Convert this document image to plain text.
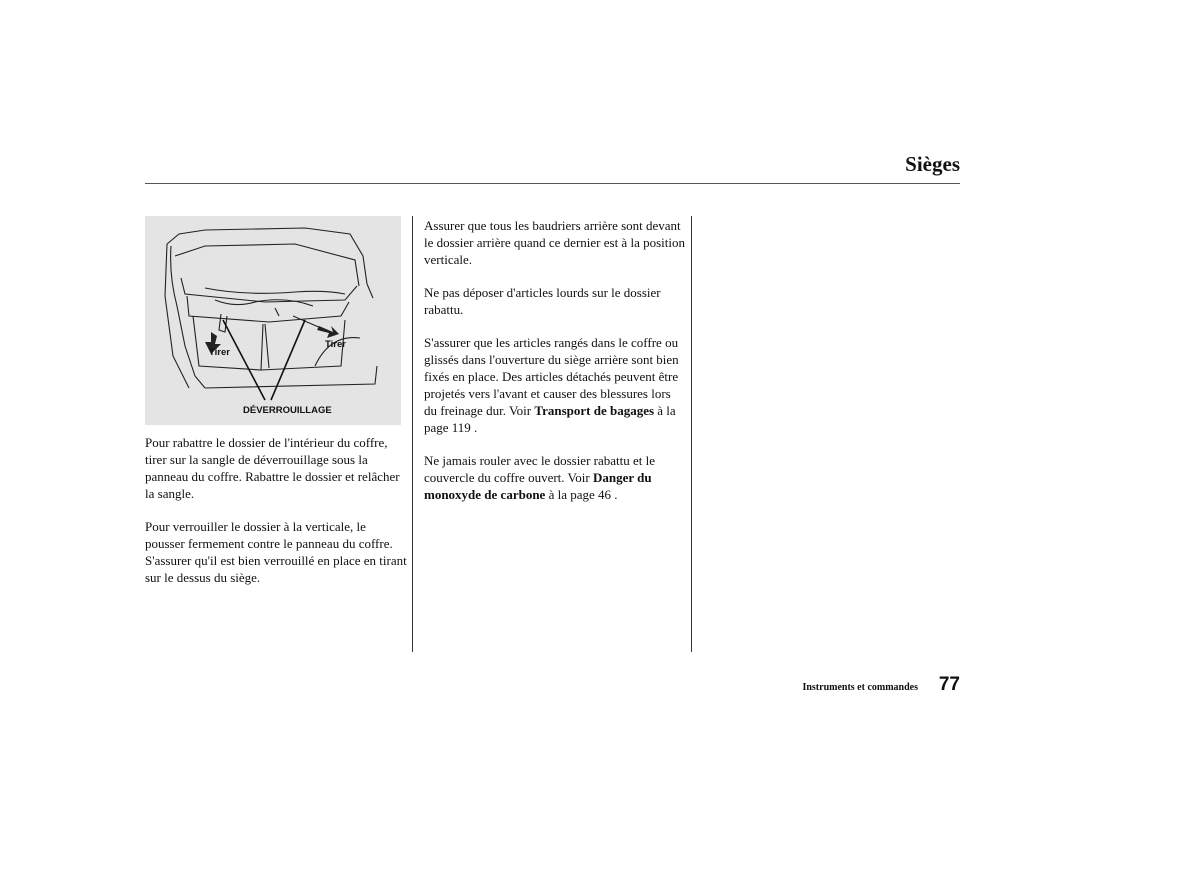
Sièges
Tirer
Tirer
DÉVERROUILLAGE

Pour rabattre le dossier de l'intérieur du coffre, tirer sur la sangle de déverrouillage sous la panneau du coffre. Rabattre le dossier et relâcher la sangle.

Pour verrouiller le dossier à la verticale, le pousser fermement contre le panneau du coffre. S'assurer qu'il est bien verrouillé en place en tirant sur le dessus du siège.

Assurer que tous les baudriers arrière sont devant le dossier arrière quand ce dernier est à la position verticale.

Ne pas déposer d'articles lourds sur le dossier rabattu.

S'assurer que les articles rangés dans le coffre ou glissés dans l'ouverture du siège arrière sont bien fixés en place. Des articles détachés peuvent être projetés vers l'avant et causer des blessures lors du freinage dur. Voir Transport de bagages à la page 119 .

Ne jamais rouler avec le dossier rabattu et le couvercle du coffre ouvert. Voir Danger du monoxyde de carbone à la page 46 .

Instruments et commandes 77
